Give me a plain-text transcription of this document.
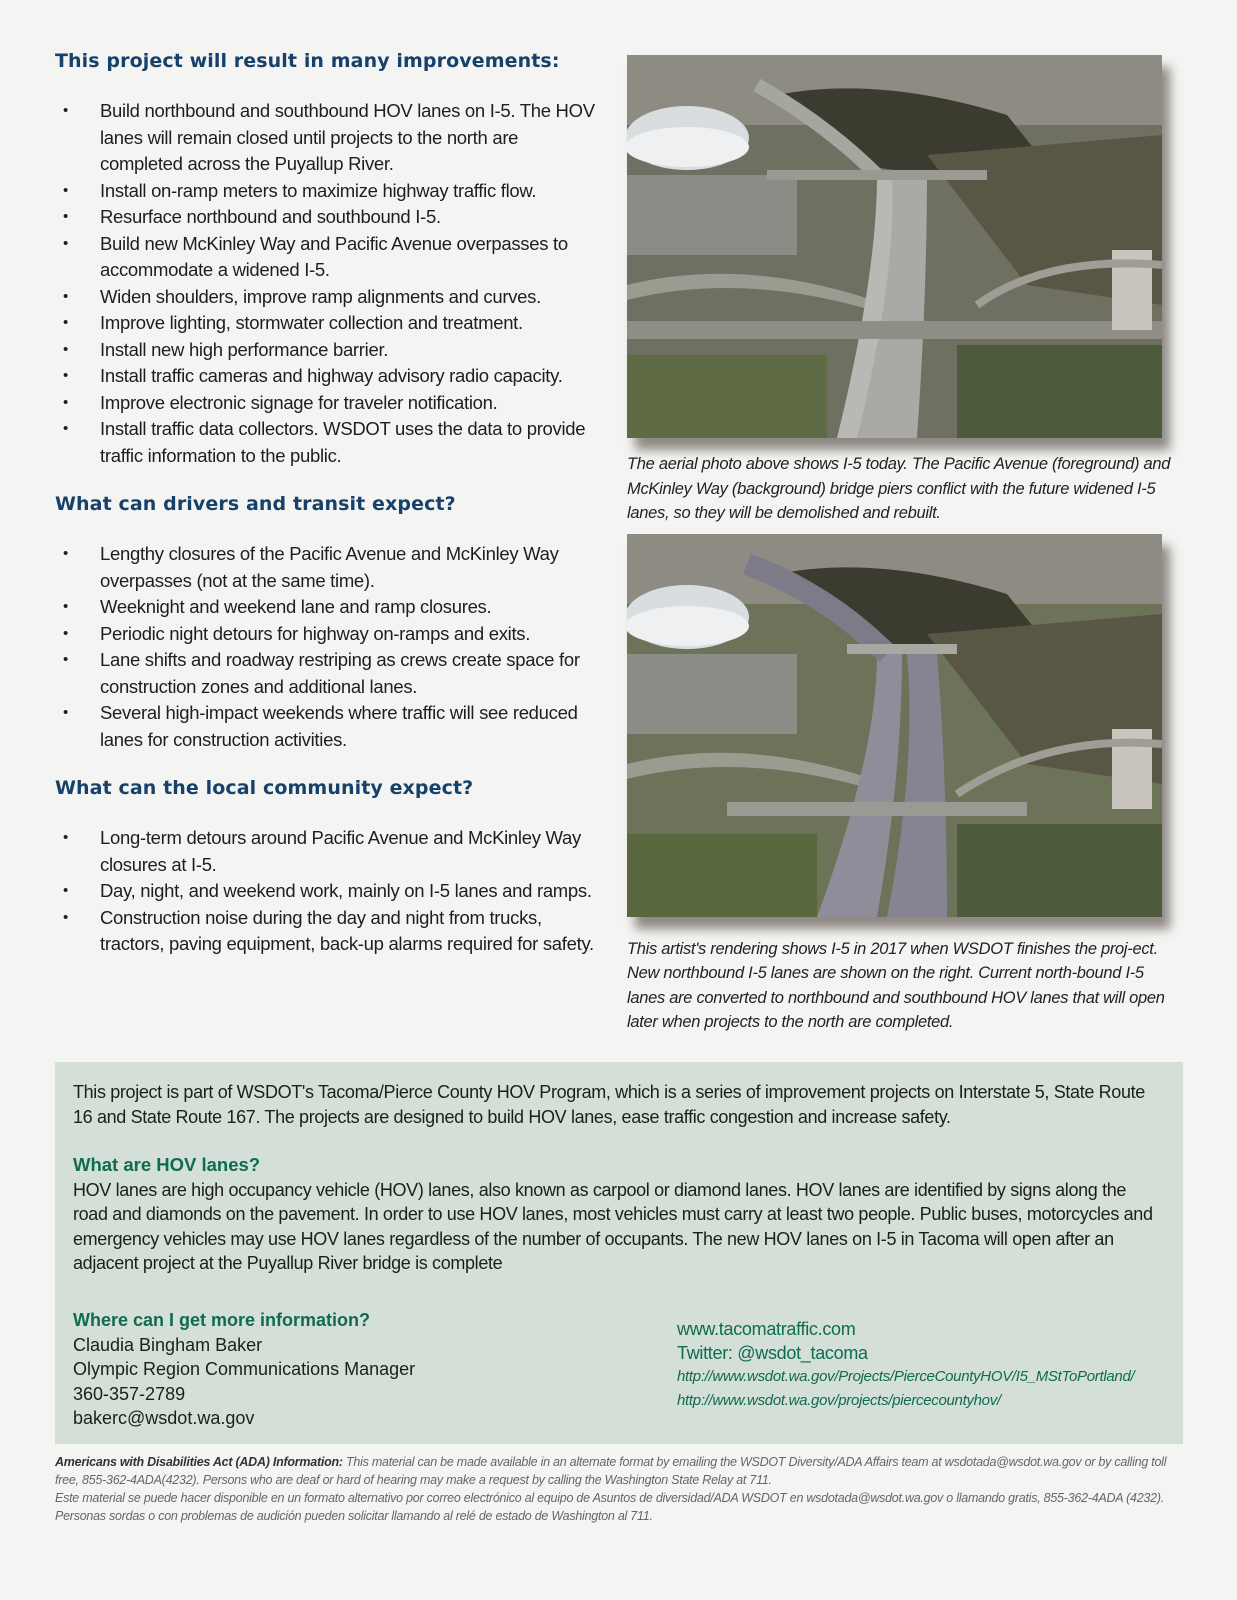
This project will result in many improvements:
• Build northbound and southbound HOV lanes on I-5. The HOV lanes will remain closed until projects to the north are completed across the Puyallup River.
• Install on-ramp meters to maximize highway traffic flow.
• Resurface northbound and southbound I-5.
• Build new McKinley Way and Pacific Avenue overpasses to accommodate a widened I-5.
• Widen shoulders, improve ramp alignments and curves.
• Improve lighting, stormwater collection and treatment.
• Install new high performance barrier.
• Install traffic cameras and highway advisory radio capacity.
• Improve electronic signage for traveler notification.
• Install traffic data collectors. WSDOT uses the data to provide traffic information to the public.
What can drivers and transit expect?
• Lengthy closures of the Pacific Avenue and McKinley Way overpasses (not at the same time).
• Weeknight and weekend lane and ramp closures.
• Periodic night detours for highway on-ramps and exits.
• Lane shifts and roadway restriping as crews create space for construction zones and additional lanes.
• Several high-impact weekends where traffic will see reduced lanes for construction activities.
What can the local community expect?
• Long-term detours around Pacific Avenue and McKinley Way closures at I-5.
• Day, night, and weekend work, mainly on I-5 lanes and ramps.
• Construction noise during the day and night from trucks, tractors, paving equipment, back-up alarms required for safety.

The aerial photo above shows I-5 today. The Pacific Avenue (foreground) and McKinley Way (background) bridge piers conflict with the future widened I-5 lanes, so they will be demolished and rebuilt.

This artist's rendering shows I-5 in 2017 when WSDOT finishes the proj-ect. New northbound I-5 lanes are shown on the right. Current north-bound I-5 lanes are converted to northbound and southbound HOV lanes that will open later when projects to the north are completed.

This project is part of WSDOT's Tacoma/Pierce County HOV Program, which is a series of improvement projects on Interstate 5, State Route 16 and State Route 167. The projects are designed to build HOV lanes, ease traffic congestion and increase safety.

What are HOV lanes?

HOV lanes are high occupancy vehicle (HOV) lanes, also known as carpool or diamond lanes. HOV lanes are identified by signs along the road and diamonds on the pavement. In order to use HOV lanes, most vehicles must carry at least two people. Public buses, motorcycles and emergency vehicles may use HOV lanes regardless of the number of occupants. The new HOV lanes on I-5 in Tacoma will open after an adjacent project at the Puyallup River bridge is complete

Where can I get more information?
Claudia Bingham Baker
Olympic Region Communications Manager
360-357-2789
bakerc@wsdot.wa.gov
www.tacomatraffic.com
Twitter: @wsdot_tacoma
http://www.wsdot.wa.gov/Projects/PierceCountyHOV/I5_MStToPortland/
http://www.wsdot.wa.gov/projects/piercecountyhov/
Americans with Disabilities Act (ADA) Information: This material can be made available in an alternate format by emailing the WSDOT Diversity/ADA Affairs team at wsdotada@wsdot.wa.gov or by calling toll free, 855-362-4ADA(4232). Persons who are deaf or hard of hearing may make a request by calling the Washington State Relay at 711.
Este material se puede hacer disponible en un formato alternativo por correo electrónico al equipo de Asuntos de diversidad/ADA WSDOT en wsdotada@wsdot.wa.gov o llamando gratis, 855-362-4ADA (4232). Personas sordas o con problemas de audición pueden solicitar llamando al relé de estado de Washington al 711.
